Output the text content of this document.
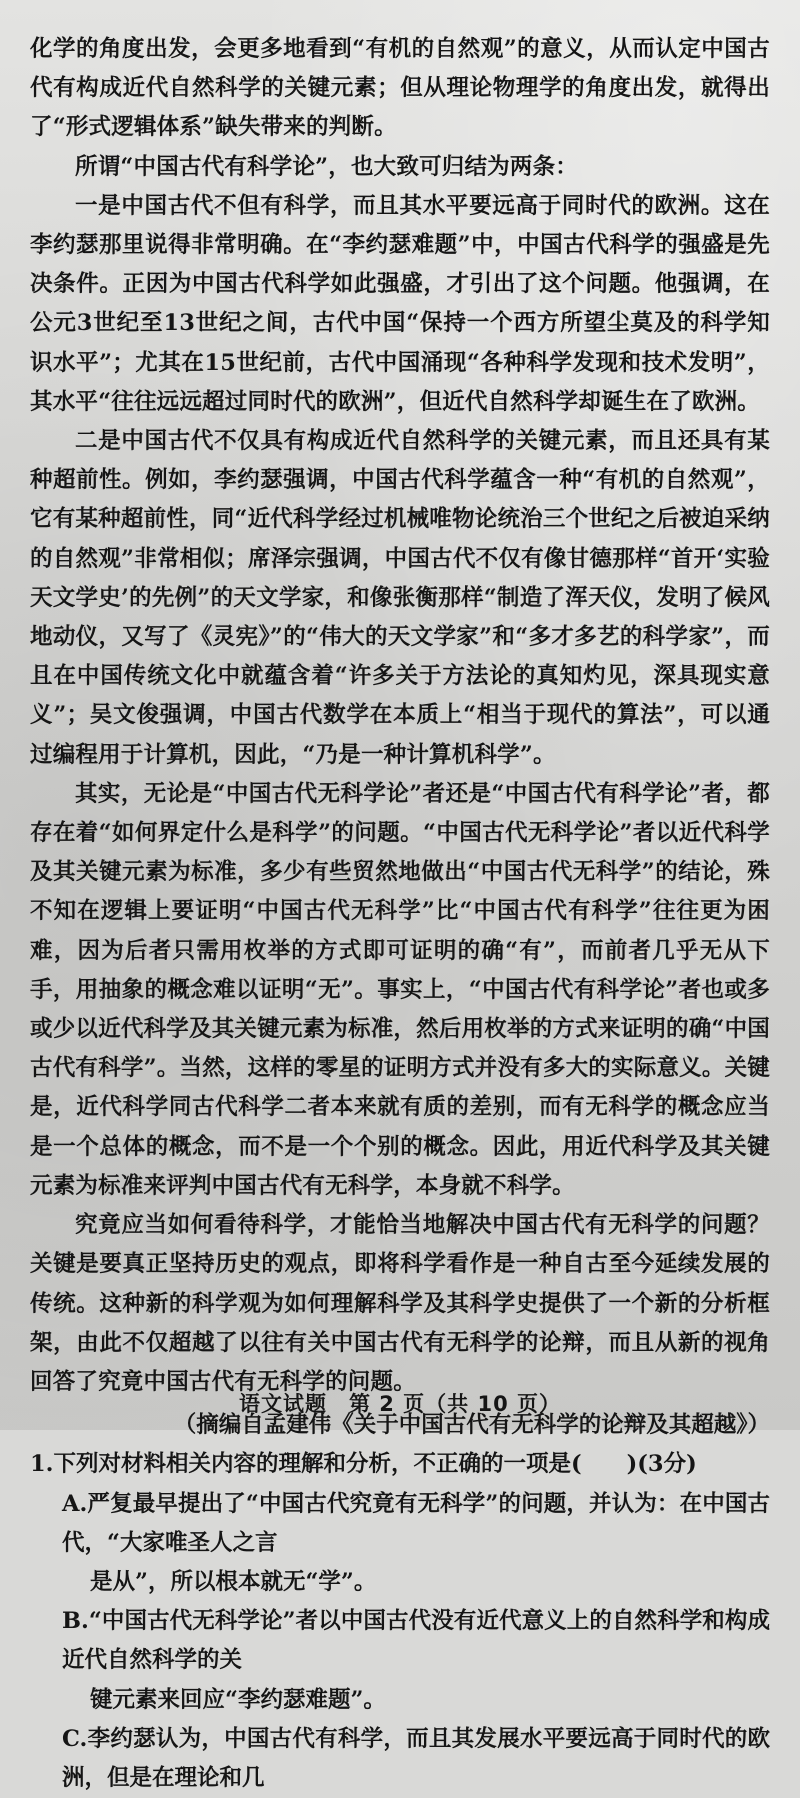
化学的角度出发，会更多地看到“有机的自然观”的意义，从而认定中国古代有构成近代自然科学的关键元素；但从理论物理学的角度出发，就得出了“形式逻辑体系”缺失带来的判断。

所谓“中国古代有科学论”，也大致可归结为两条：

一是中国古代不但有科学，而且其水平要远高于同时代的欧洲。这在李约瑟那里说得非常明确。在“李约瑟难题”中，中国古代科学的强盛是先决条件。正因为中国古代科学如此强盛，才引出了这个问题。他强调，在公元3世纪至13世纪之间，古代中国“保持一个西方所望尘莫及的科学知识水平”；尤其在15世纪前，古代中国涌现“各种科学发现和技术发明”，其水平“往往远远超过同时代的欧洲”，但近代自然科学却诞生在了欧洲。

二是中国古代不仅具有构成近代自然科学的关键元素，而且还具有某种超前性。例如，李约瑟强调，中国古代科学蕴含一种“有机的自然观”，它有某种超前性，同“近代科学经过机械唯物论统治三个世纪之后被迫采纳的自然观”非常相似；席泽宗强调，中国古代不仅有像甘德那样“首开‘实验天文学史’的先例”的天文学家，和像张衡那样“制造了浑天仪，发明了候风地动仪，又写了《灵宪》”的“伟大的天文学家”和“多才多艺的科学家”，而且在中国传统文化中就蕴含着“许多关于方法论的真知灼见，深具现实意义”；吴文俊强调，中国古代数学在本质上“相当于现代的算法”，可以通过编程用于计算机，因此，“乃是一种计算机科学”。

其实，无论是“中国古代无科学论”者还是“中国古代有科学论”者，都存在着“如何界定什么是科学”的问题。“中国古代无科学论”者以近代科学及其关键元素为标准，多少有些贸然地做出“中国古代无科学”的结论，殊不知在逻辑上要证明“中国古代无科学”比“中国古代有科学”往往更为困难，因为后者只需用枚举的方式即可证明的确“有”，而前者几乎无从下手，用抽象的概念难以证明“无”。事实上，“中国古代有科学论”者也或多或少以近代科学及其关键元素为标准，然后用枚举的方式来证明的确“中国古代有科学”。当然，这样的零星的证明方式并没有多大的实际意义。关键是，近代科学同古代科学二者本来就有质的差别，而有无科学的概念应当是一个总体的概念，而不是一个个别的概念。因此，用近代科学及其关键元素为标准来评判中国古代有无科学，本身就不科学。

究竟应当如何看待科学，才能恰当地解决中国古代有无科学的问题？关键是要真正坚持历史的观点，即将科学看作是一种自古至今延续发展的传统。这种新的科学观为如何理解科学及其科学史提供了一个新的分析框架，由此不仅超越了以往有关中国古代有无科学的论辩，而且从新的视角回答了究竟中国古代有无科学的问题。

（摘编自孟建伟《关于中国古代有无科学的论辩及其超越》）

1.下列对材料相关内容的理解和分析，不正确的一项是(　　)(3分)

A.严复最早提出了“中国古代究竟有无科学”的问题，并认为：在中国古代，“大家唯圣人之言
是从”，所以根本就无“学”。
B.“中国古代无科学论”者以中国古代没有近代意义上的自然科学和构成近代自然科学的关
键元素来回应“李约瑟难题”。
C.李约瑟认为，中国古代有科学，而且其发展水平要远高于同时代的欧洲，但是在理论和几
语文试题　第 2 页（共 10 页）
